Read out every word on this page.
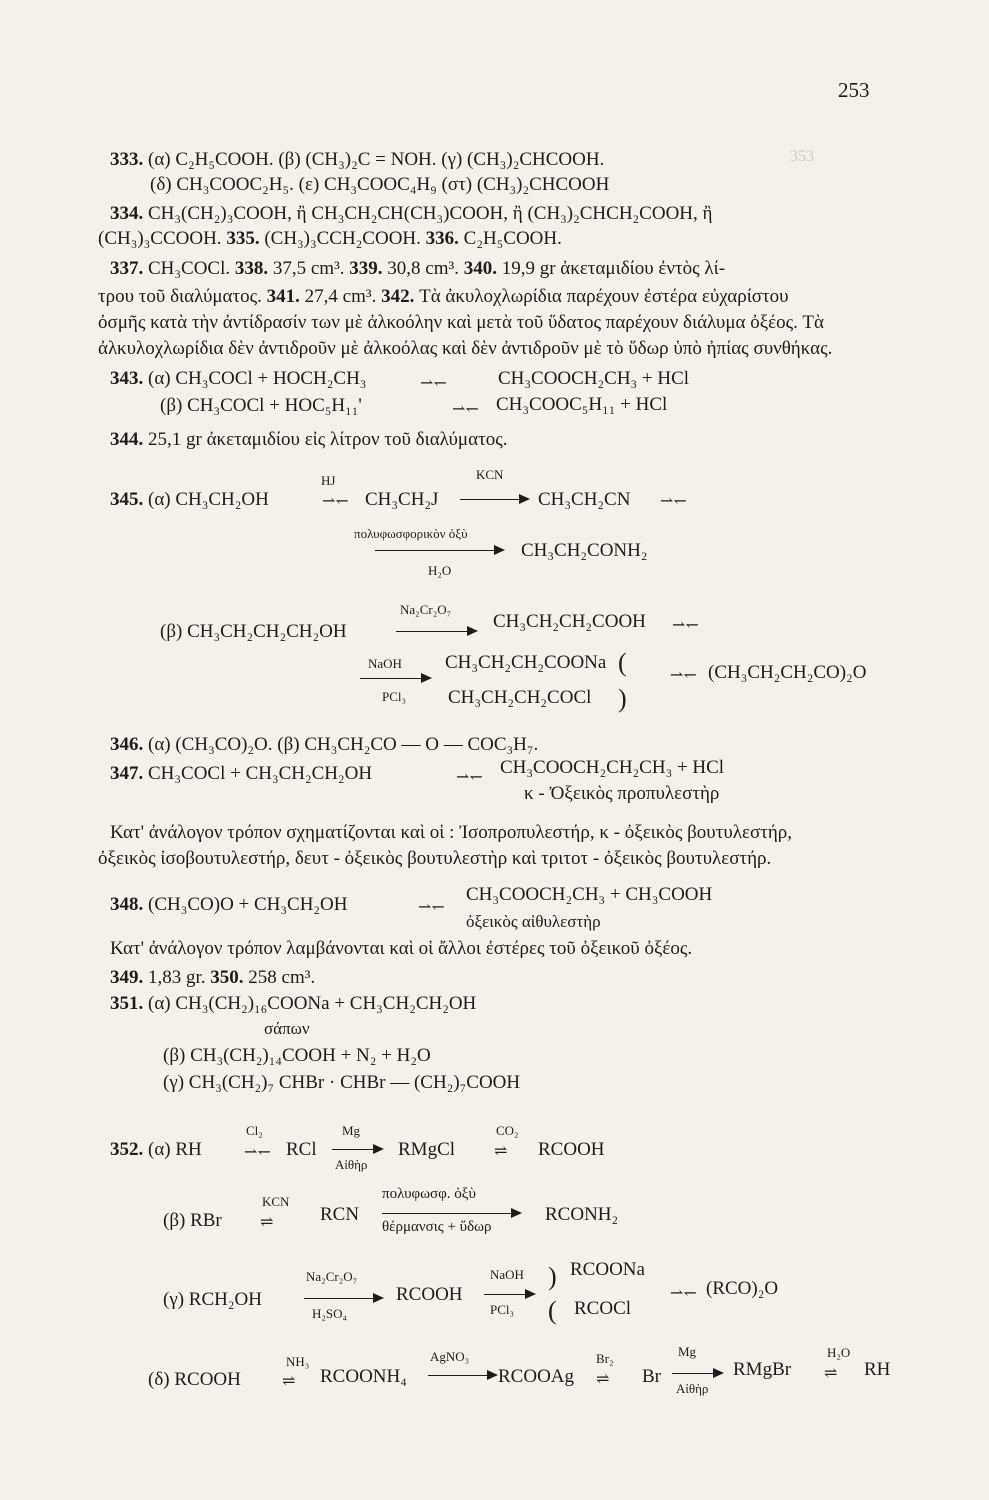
253
353
333. (α) C₂H₅COOH. (β) (CH₃)₂C = NOH. (γ) (CH₃)₂CHCOOH.
(δ) CH₃COOC₂H₅. (ε) CH₃COOC₄H₉ (στ) (CH₃)₂CHCOOH
334. CH₃(CH₂)₃COOH, ἢ CH₃CH₂CH(CH₃)COOH, ἢ (CH₃)₂CHCH₂COOH, ἢ
(CH₃)₃CCOOH. 335. (CH₃)₃CCH₂COOH. 336. C₂H₅COOH.
337. CH₃COCl. 338. 37,5 cm³. 339. 30,8 cm³. 340. 19,9 gr ἀκεταμιδίου ἐντὸς λί-
τρου τοῦ διαλύματος. 341. 27,4 cm³. 342. Τὰ ἀκυλοχλωρίδια παρέχουν ἐστέρα εὐχαρίστου
ὀσμῆς κατὰ τὴν ἀντίδρασίν των μὲ ἀλκοόλην καὶ μετὰ τοῦ ὕδατος παρέχουν διάλυμα ὀξέος. Τὰ
ἀλκυλοχλωρίδια δὲν ἀντιδροῦν μὲ ἀλκοόλας καὶ δὲν ἀντιδροῦν μὲ τὸ ὕδωρ ὑπὸ ἠπίας συνθήκας.
343. (α) CH₃COCl + HOCH₂CH₃	⇀↽	CH₃COOCH₂CH₃ + HCl
(β) CH₃COCl + HOC₅H₁₁'	⇀↽ CH₃COOC₅H₁₁ + HCl
344. 25,1 gr ἀκεταμιδίου εἰς λίτρον τοῦ διαλύματος.
345. (α) CH₃CH₂OH
HJ
⇀↽ CH₃CH₂J
KCN
CH₃CH₂CN ⇀↽
πολυφωσφορικὸν ὀξὺ
CH₃CH₂CONH₂
H₂O
Na₂Cr₂O₇
(β) CH₃CH₂CH₂CH₂OH	CH₃CH₂CH₂COOH ⇀↽
NaOH
PCl₃
CH₃CH₂CH₂COONa
CH₃CH₂CH₂COCl
(
)
⇀↽ (CH₃CH₂CH₂CO)₂O
346. (α) (CH₃CO)₂O. (β) CH₃CH₂CO — O — COC₃H₇.
347. CH₃COCl + CH₃CH₂CH₂OH	⇀↽ CH₃COOCH₂CH₂CH₃ + HCl
κ - Ὀξεικὸς προπυλεστὴρ
Κατ' ἀνάλογον τρόπον σχηματίζονται καὶ οἱ : Ἰσοπροπυλεστήρ, κ - ὀξεικὸς βουτυλεστήρ,
ὀξεικὸς ἰσοβουτυλεστήρ, δευτ - ὀξεικὸς βουτυλεστὴρ καὶ τριτοτ - ὀξεικὸς βουτυλεστήρ.
348. (CH₃CO)O + CH₃CH₂OH	⇀↽
CH₃COOCH₂CH₃ + CH₃COOH
ὀξεικὸς αἰθυλεστὴρ
Κατ' ἀνάλογον τρόπον λαμβάνονται καὶ οἱ ἄλλοι ἐστέρες τοῦ ὀξεικοῦ ὀξέος.
349. 1,83 gr. 350. 258 cm³.
351. (α) CH₃(CH₂)₁₆COONa + CH₃CH₂CH₂OH
σάπων
(β) CH₃(CH₂)₁₄COOH + N₂ + H₂O
(γ) CH₃(CH₂)₇ CHBr · CHBr — (CH₂)₇COOH
352. (α) RH
Cl₂
⇀↽ RCl
Mg
Αἰθὴρ
RMgCl
CO₂
⇌ RCOOH
(β) RBr
KCN
⇌ RCN
πολυφωσφ. ὀξὺ
θέρμανσις + ὕδωρ
RCONH₂
Na₂Cr₂O₇
(γ) RCH₂OH
H₂SO₄
RCOOH
NaOH
PCl₃
)
(
RCOONa
RCOCl
⇀↽ (RCO)₂O
(δ) RCOOH
NH₃
⇌ RCOONH₄
AgNO₃
RCOOAg
Br₂
⇌ Br
Mg
Αἰθὴρ
RMgBr
H₂O
⇌ RH
